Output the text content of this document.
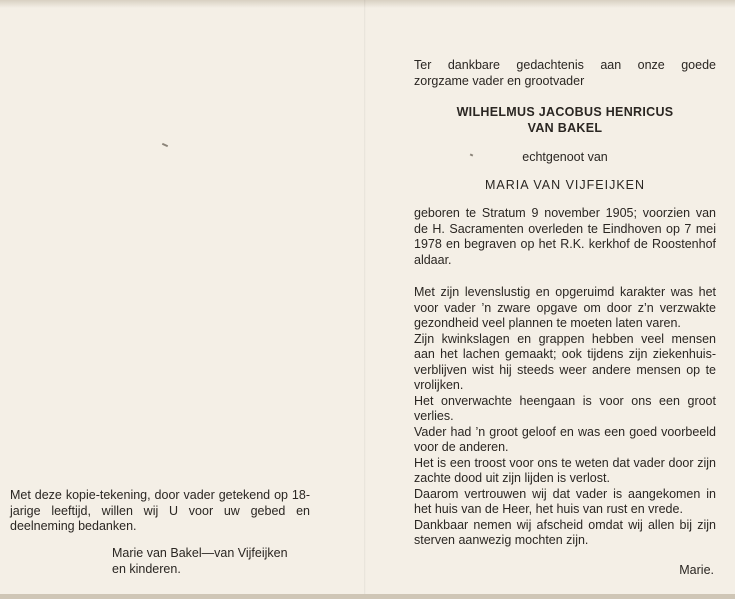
Met deze kopie-tekening, door vader getekend op 18-jarige leeftijd, willen wij U voor uw gebed en deelneming bedanken.

Marie van Bakel—van Vijfeijken
en kinderen.
Ter dankbare gedachtenis aan onze goede
zorgzame vader en grootvader
WILHELMUS JACOBUS HENRICUS
VAN BAKEL
echtgenoot van
MARIA VAN VIJFEIJKEN

geboren te Stratum 9 november 1905; voorzien van de H. Sacramenten overleden te Eindhoven op 7 mei 1978 en begraven op het R.K. kerkhof de Roostenhof aldaar.

Met zijn levenslustig en opgeruimd karakter was het voor vader ’n zware opgave om door z’n verzwakte gezondheid veel plannen te moeten laten varen.

Zijn kwinkslagen en grappen hebben veel mensen aan het lachen gemaakt; ook tijdens zijn ziekenhuis-verblijven wist hij steeds weer andere mensen op te vrolijken.

Het onverwachte heengaan is voor ons een groot verlies.

Vader had ’n groot geloof en was een goed voorbeeld voor de anderen.

Het is een troost voor ons te weten dat vader door zijn zachte dood uit zijn lijden is verlost.

Daarom vertrouwen wij dat vader is aangekomen in het huis van de Heer, het huis van rust en vrede.

Dankbaar nemen wij afscheid omdat wij allen bij zijn sterven aanwezig mochten zijn.

Marie.
